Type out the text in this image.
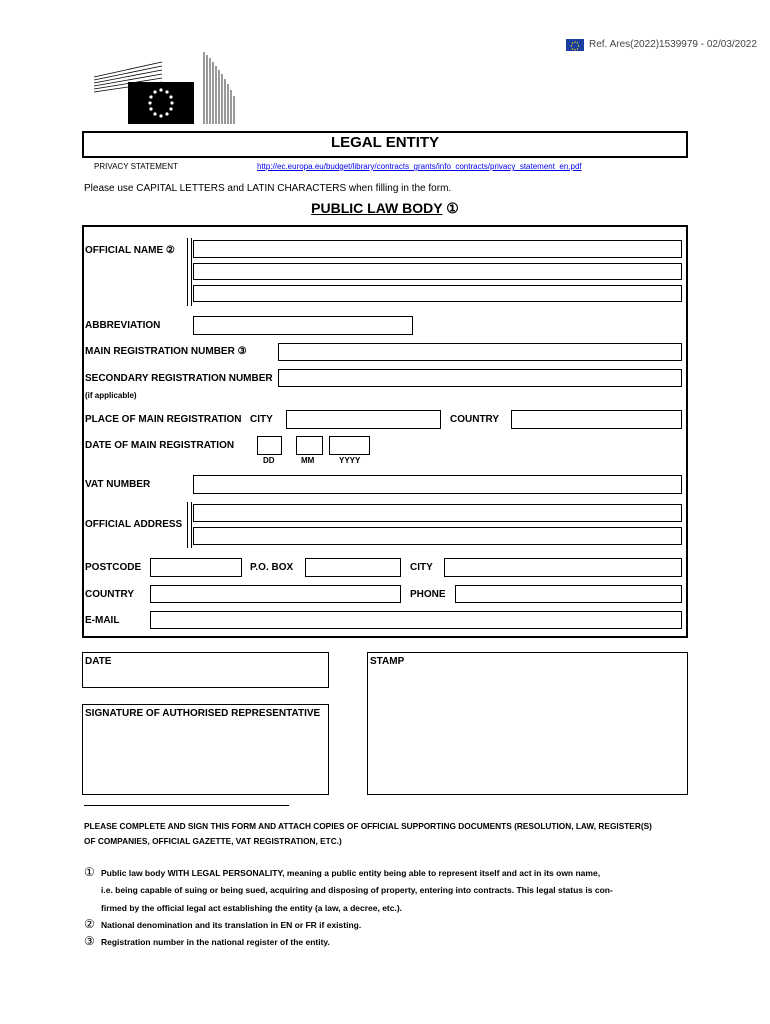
Ref. Ares(2022)1539979 - 02/03/2022
LEGAL ENTITY
PRIVACY STATEMENT	http://ec.europa.eu/budget/library/contracts_grants/info_contracts/privacy_statement_en.pdf
Please use CAPITAL LETTERS and LATIN CHARACTERS when filling in the form.
PUBLIC LAW BODY ①
OFFICIAL NAME ②
ABBREVIATION
MAIN REGISTRATION NUMBER ③
SECONDARY REGISTRATION NUMBER
(if applicable)
PLACE OF MAIN REGISTRATION CITY	COUNTRY
DATE OF MAIN REGISTRATION
DD	MM	YYYY
VAT NUMBER
OFFICIAL ADDRESS
POSTCODE	P.O. BOX	CITY
COUNTRY	PHONE
E-MAIL
DATE	STAMP
SIGNATURE OF AUTHORISED REPRESENTATIVE
PLEASE COMPLETE AND SIGN THIS FORM AND ATTACH COPIES OF OFFICIAL SUPPORTING DOCUMENTS (RESOLUTION, LAW, REGISTER(S)
OF COMPANIES, OFFICIAL GAZETTE, VAT REGISTRATION, ETC.)
① Public law body WITH LEGAL PERSONALITY, meaning a public entity being able to represent itself and act in its own name,
i.e. being capable of suing or being sued, acquiring and disposing of property, entering into contracts. This legal status is con-
firmed by the official legal act establishing the entity (a law, a decree, etc.).
② National denomination and its translation in EN or FR if existing.
③ Registration number in the national register of the entity.
